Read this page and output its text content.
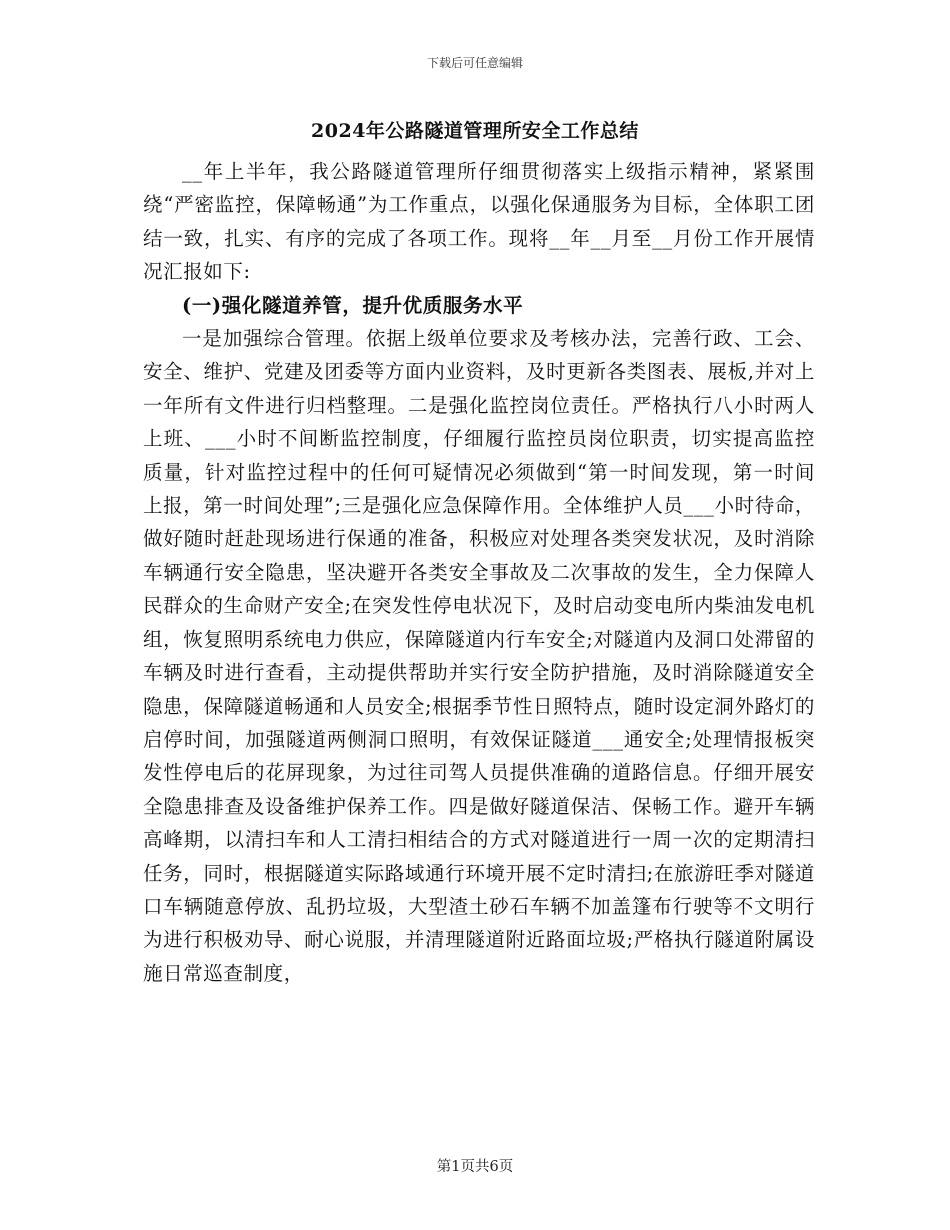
下载后可任意编辑
2024年公路隧道管理所安全工作总结

__年上半年，我公路隧道管理所仔细贯彻落实上级指示精神，紧紧围绕“严密监控，保障畅通”为工作重点，以强化保通服务为目标，全体职工团结一致，扎实、有序的完成了各项工作。现将__年__月至__月份工作开展情况汇报如下:

(一)强化隧道养管，提升优质服务水平

一是加强综合管理。依据上级单位要求及考核办法，完善行政、工会、安全、维护、党建及团委等方面内业资料，及时更新各类图表、展板,并对上一年所有文件进行归档整理。二是强化监控岗位责任。严格执行八小时两人上班、___小时不间断监控制度，仔细履行监控员岗位职责，切实提高监控质量，针对监控过程中的任何可疑情况必须做到“第一时间发现，第一时间上报，第一时间处理”;三是强化应急保障作用。全体维护人员___小时待命，做好随时赶赴现场进行保通的准备，积极应对处理各类突发状况，及时消除车辆通行安全隐患，坚决避开各类安全事故及二次事故的发生，全力保障人民群众的生命财产安全;在突发性停电状况下，及时启动变电所内柴油发电机组，恢复照明系统电力供应，保障隧道内行车安全;对隧道内及洞口处滞留的车辆及时进行查看，主动提供帮助并实行安全防护措施，及时消除隧道安全隐患，保障隧道畅通和人员安全;根据季节性日照特点，随时设定洞外路灯的启停时间，加强隧道两侧洞口照明，有效保证隧道___通安全;处理情报板突发性停电后的花屏现象，为过往司驾人员提供准确的道路信息。仔细开展安全隐患排查及设备维护保养工作。四是做好隧道保洁、保畅工作。避开车辆高峰期，以清扫车和人工清扫相结合的方式对隧道进行一周一次的定期清扫任务，同时，根据隧道实际路域通行环境开展不定时清扫;在旅游旺季对隧道口车辆随意停放、乱扔垃圾，大型渣土砂石车辆不加盖篷布行驶等不文明行为进行积极劝导、耐心说服，并清理隧道附近路面垃圾;严格执行隧道附属设施日常巡查制度，

第1页共6页
